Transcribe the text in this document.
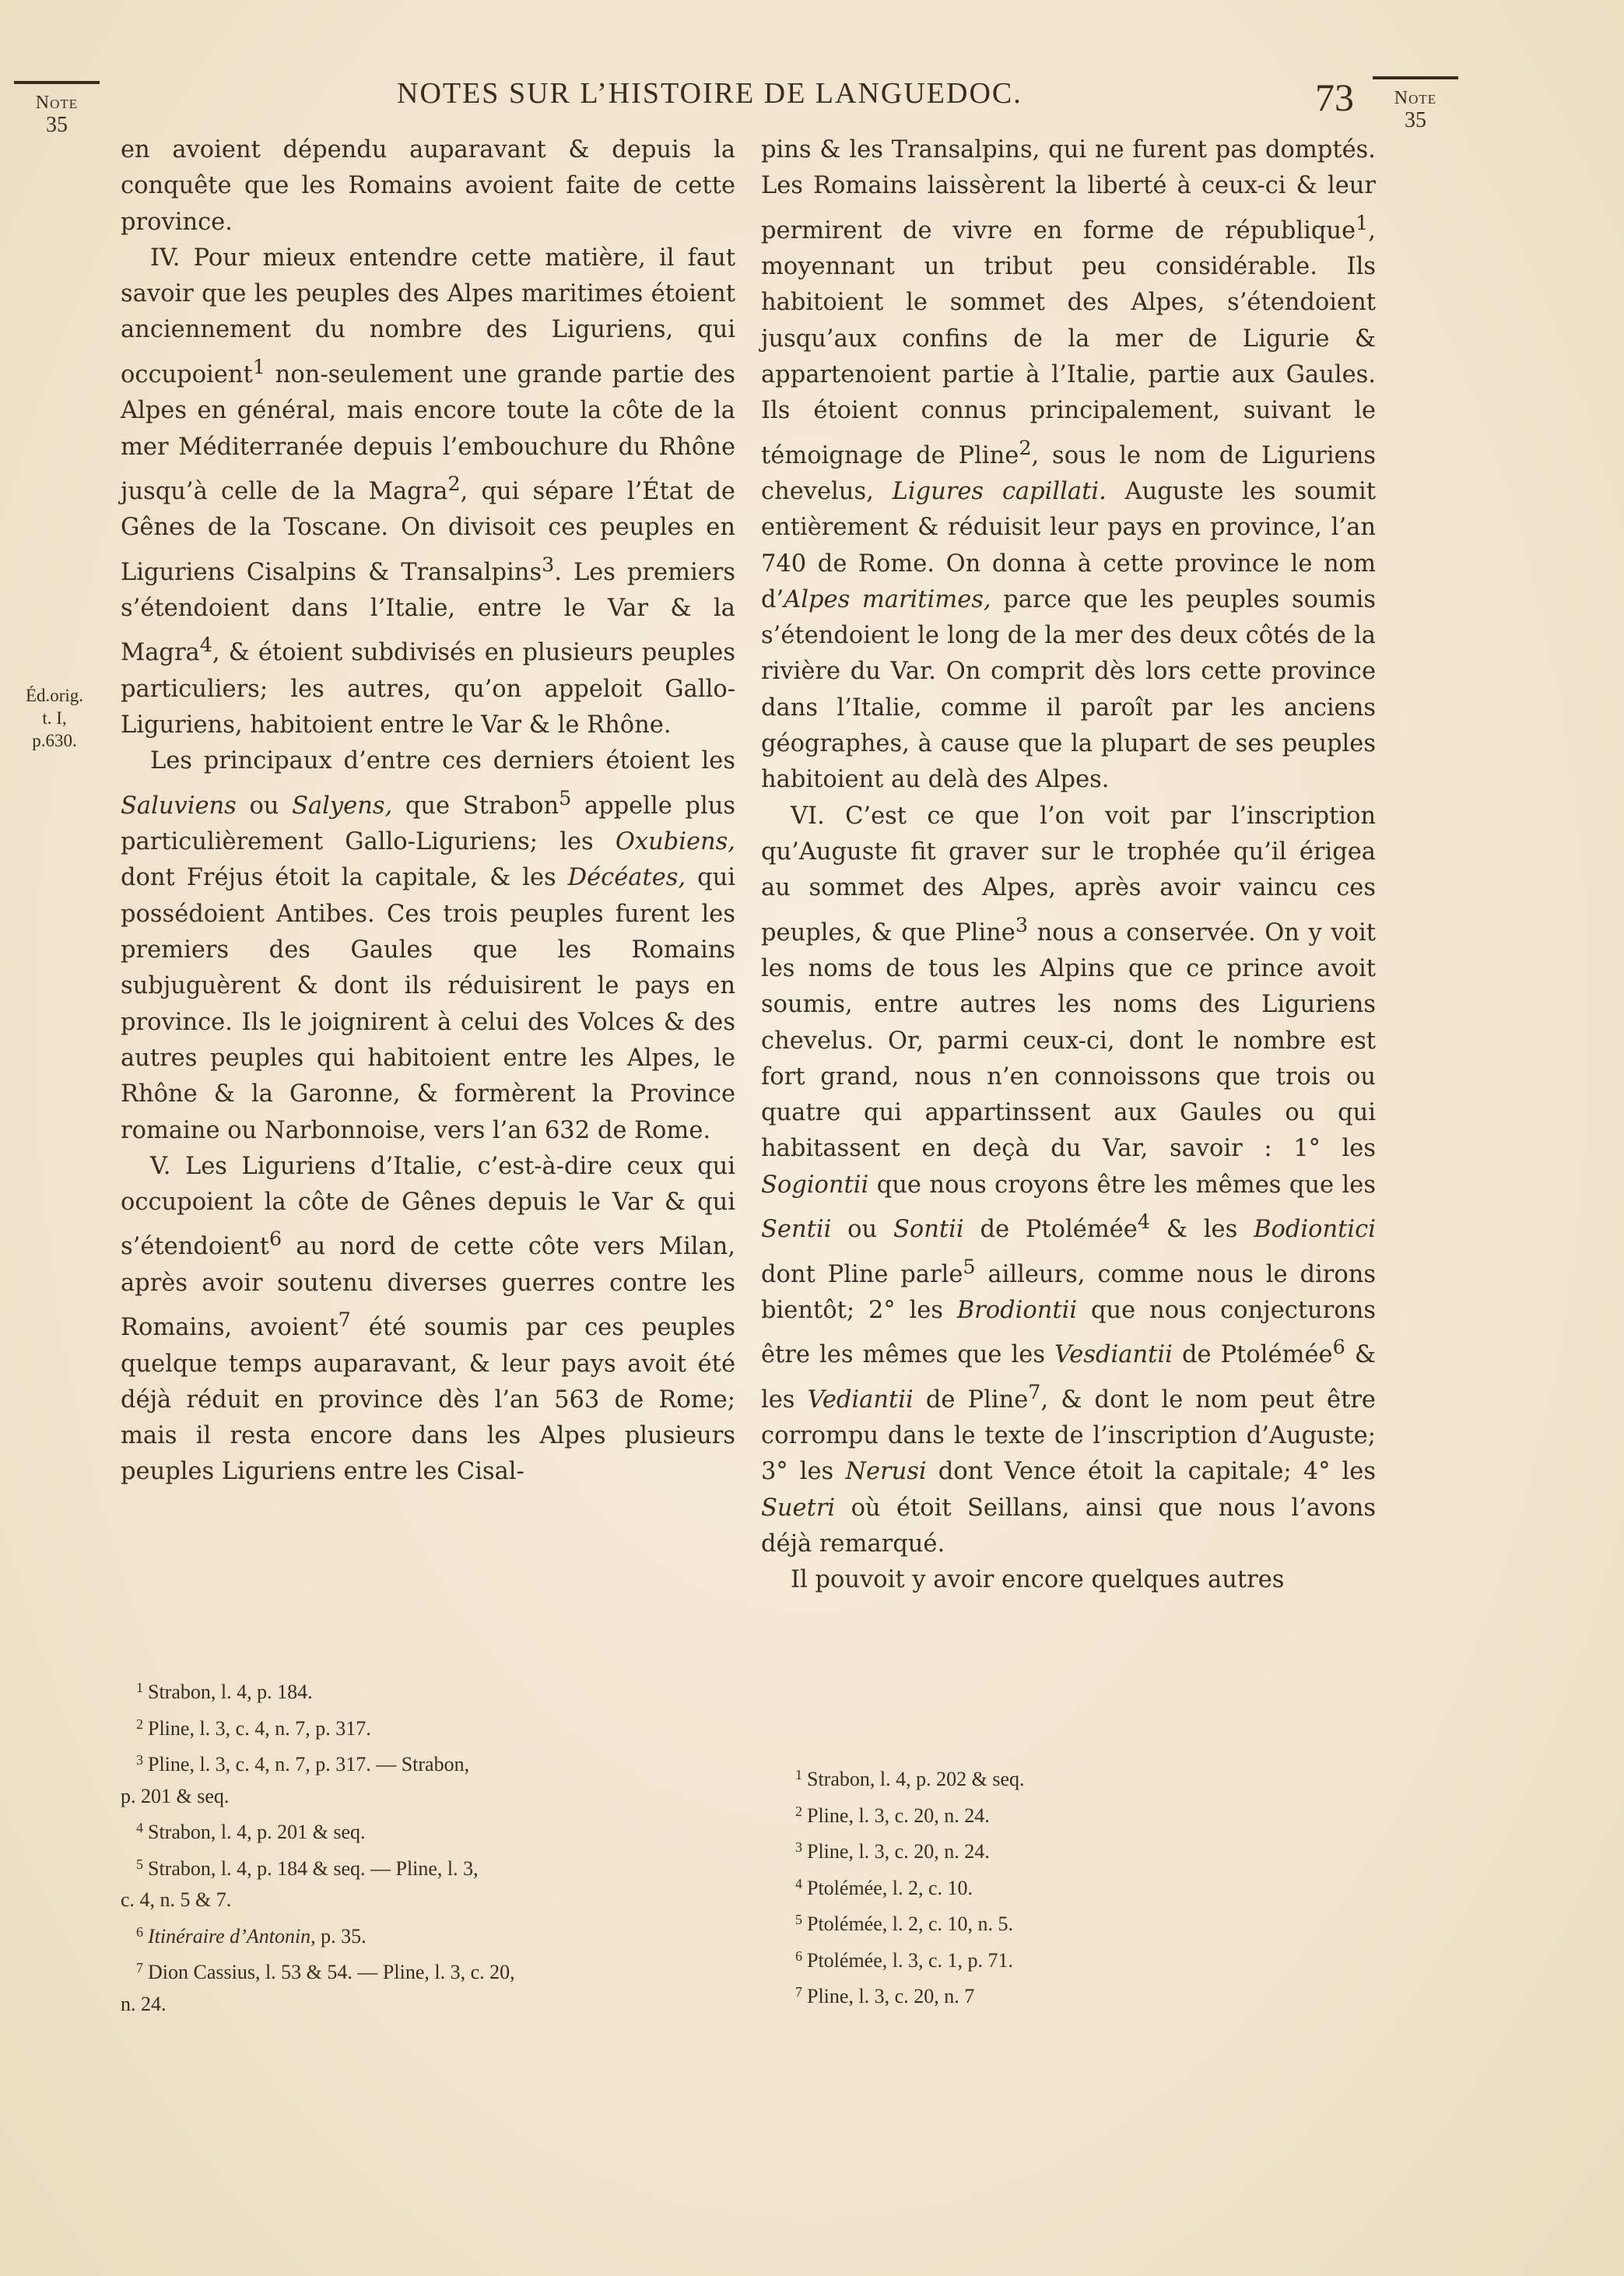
Note
35
Note
35
Éd.orig.
t. I,
p.630.
NOTES SUR L’HISTOIRE DE LANGUEDOC.	73

en avoient dépendu auparavant & depuis la conquête que les Romains avoient faite de cette province.

IV. Pour mieux entendre cette matière, il faut savoir que les peuples des Alpes maritimes étoient anciennement du nombre des Liguriens, qui occupoient$^1$ non-seulement une grande partie des Alpes en général, mais encore toute la côte de la mer Méditerranée depuis l’embouchure du Rhône jusqu’à celle de la Magra$^2$, qui sépare l’État de Gênes de la Toscane. On divisoit ces peuples en Liguriens Cisalpins & Transalpins$^3$. Les premiers s’étendoient dans l’Italie, entre le Var & la Magra$^4$, & étoient subdivisés en plusieurs peuples particuliers; les autres, qu’on appeloit Gallo-Liguriens, habitoient entre le Var & le Rhône.

Les principaux d’entre ces derniers étoient les Saluviens ou Salyens, que Strabon$^5$ appelle plus particulièrement Gallo-Liguriens; les Oxubiens, dont Fréjus étoit la capitale, & les Décéates, qui possédoient Antibes. Ces trois peuples furent les premiers des Gaules que les Romains subjuguèrent & dont ils réduisirent le pays en province. Ils le joignirent à celui des Volces & des autres peuples qui habitoient entre les Alpes, le Rhône & la Garonne, & formèrent la Province romaine ou Narbonnoise, vers l’an 632 de Rome.

V. Les Liguriens d’Italie, c’est-à-dire ceux qui occupoient la côte de Gênes depuis le Var & qui s’étendoient$^6$ au nord de cette côte vers Milan, après avoir soutenu diverses guerres contre les Romains, avoient$^7$ été soumis par ces peuples quelque temps auparavant, & leur pays avoit été déjà réduit en province dès l’an 563 de Rome; mais il resta encore dans les Alpes plusieurs peuples Liguriens entre les Cisal-

pins & les Transalpins, qui ne furent pas domptés. Les Romains laissèrent la liberté à ceux-ci & leur permirent de vivre en forme de république$^1$, moyennant un tribut peu considérable. Ils habitoient le sommet des Alpes, s’étendoient jusqu’aux confins de la mer de Ligurie & appartenoient partie à l’Italie, partie aux Gaules. Ils étoient connus principalement, suivant le témoignage de Pline$^2$, sous le nom de Liguriens chevelus, Ligures capillati. Auguste les soumit entièrement & réduisit leur pays en province, l’an 740 de Rome. On donna à cette province le nom d’Alpes maritimes, parce que les peuples soumis s’étendoient le long de la mer des deux côtés de la rivière du Var. On comprit dès lors cette province dans l’Italie, comme il paroît par les anciens géographes, à cause que la plupart de ses peuples habitoient au delà des Alpes.

VI. C’est ce que l’on voit par l’inscription qu’Auguste fit graver sur le trophée qu’il érigea au sommet des Alpes, après avoir vaincu ces peuples, & que Pline$^3$ nous a conservée. On y voit les noms de tous les Alpins que ce prince avoit soumis, entre autres les noms des Liguriens chevelus. Or, parmi ceux-ci, dont le nombre est fort grand, nous n’en connoissons que trois ou quatre qui appartinssent aux Gaules ou qui habitassent en deçà du Var, savoir : 1° les Sogiontii que nous croyons être les mêmes que les Sentii ou Sontii de Ptolémée$^4$ & les Bodiontici dont Pline parle$^5$ ailleurs, comme nous le dirons bientôt; 2° les Brodiontii que nous conjecturons être les mêmes que les Vesdiantii de Ptolémée$^6$ & les Vediantii de Pline$^7$, & dont le nom peut être corrompu dans le texte de l’inscription d’Auguste; 3° les Nerusi dont Vence étoit la capitale; 4° les Suetri où étoit Seillans, ainsi que nous l’avons déjà remarqué.

Il pouvoit y avoir encore quelques autres

$^1$ Strabon, l. 4, p. 184.
$^2$ Pline, l. 3, c. 4, n. 7, p. 317.
$^3$ Pline, l. 3, c. 4, n. 7, p. 317. — Strabon,
p. 201 & seq.
$^4$ Strabon, l. 4, p. 201 & seq.
$^5$ Strabon, l. 4, p. 184 & seq. — Pline, l. 3,
c. 4, n. 5 & 7.
$^6$ Itinéraire d’Antonin, p. 35.
$^7$ Dion Cassius, l. 53 & 54. — Pline, l. 3, c. 20,
n. 24.
$^1$ Strabon, l. 4, p. 202 & seq.
$^2$ Pline, l. 3, c. 20, n. 24.
$^3$ Pline, l. 3, c. 20, n. 24.
$^4$ Ptolémée, l. 2, c. 10.
$^5$ Ptolémée, l. 2, c. 10, n. 5.
$^6$ Ptolémée, l. 3, c. 1, p. 71.
$^7$ Pline, l. 3, c. 20, n. 7
